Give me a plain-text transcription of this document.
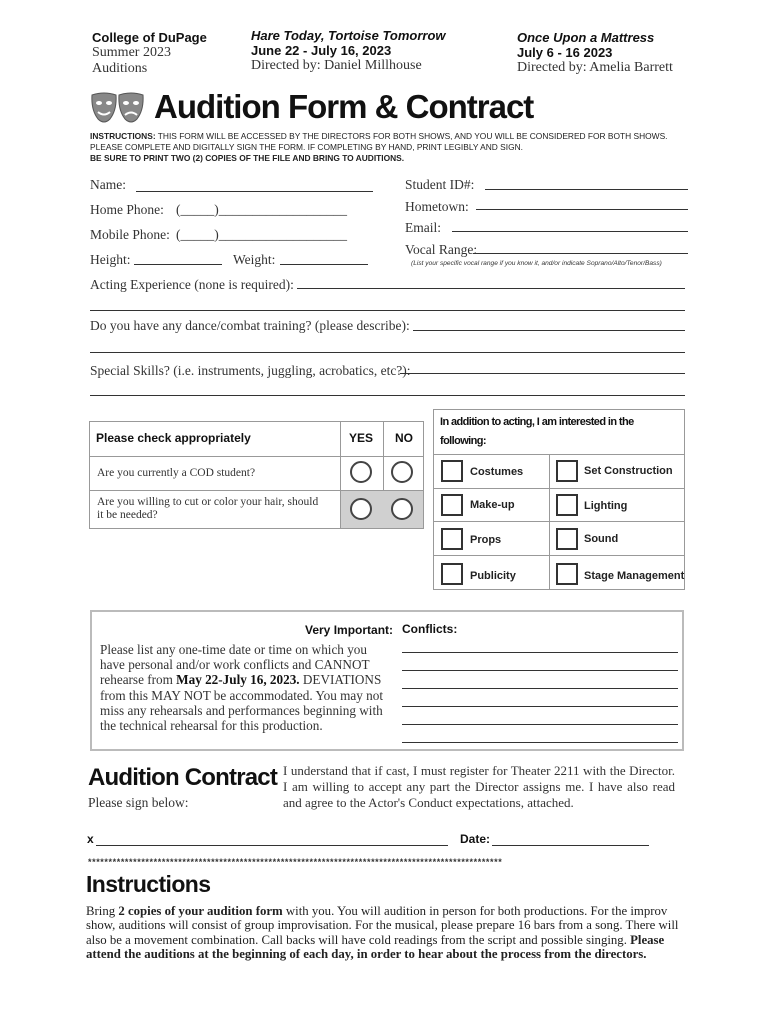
College of DuPage
Summer 2023
Auditions
Hare Today, Tortoise Tomorrow
June 22 - July 16, 2023
Directed by: Daniel Millhouse
Once Upon a Mattress
July 6 - 16 2023
Directed by: Amelia Barrett
Audition Form & Contract
INSTRUCTIONS: THIS FORM WILL BE ACCESSED BY THE DIRECTORS FOR BOTH SHOWS, AND YOU WILL BE CONSIDERED FOR BOTH SHOWS. PLEASE COMPLETE AND DIGITALLY SIGN THE FORM. IF COMPLETING BY HAND, PRINT LEGIBLY AND SIGN.
BE SURE TO PRINT TWO (2) COPIES OF THE FILE AND BRING TO AUDITIONS.
Name:
Home Phone: (_____)___________________
Mobile Phone: (_____)___________________
Height:	Weight:
Student ID#:
Hometown:
Email:
Vocal Range:
(List your specific vocal range if you know it, and/or indicate Soprano/Alto/Tenor/Bass)
Acting Experience (none is required):
Do you have any dance/combat training? (please describe):
Special Skills? (i.e. instruments, juggling, acrobatics, etc?):
Please check appropriately	YES NO
Are you currently a COD student?
Are you willing to cut or color your hair, should it be needed?
In addition to acting, I am interested in the following:
Costumes	Set Construction
Make-up	Lighting
Props	Sound
Publicity	Stage Management
Very Important:
Please list any one-time date or time on which you have personal and/or work conflicts and CANNOT rehearse from May 22-July 16, 2023. DEVIATIONS from this MAY NOT be accommodated. You may not miss any rehearsals and performances beginning with the technical rehearsal for this production.
Conflicts:
Audition Contract
Please sign below:
I understand that if cast, I must register for Theater 2211 with the Director. I am willing to accept any part the Director assigns me. I have also read and agree to the Actor's Conduct expectations, attached.
x	Date:
*****************************************************************************************************
Instructions
Bring 2 copies of your audition form with you. You will audition in person for both productions. For the improv show, auditions will consist of group improvisation. For the musical, please prepare 16 bars from a song. There will also be a movement combination. Call backs will have cold readings from the script and possible singing. Please attend the auditions at the beginning of each day, in order to hear about the process from the directors.
